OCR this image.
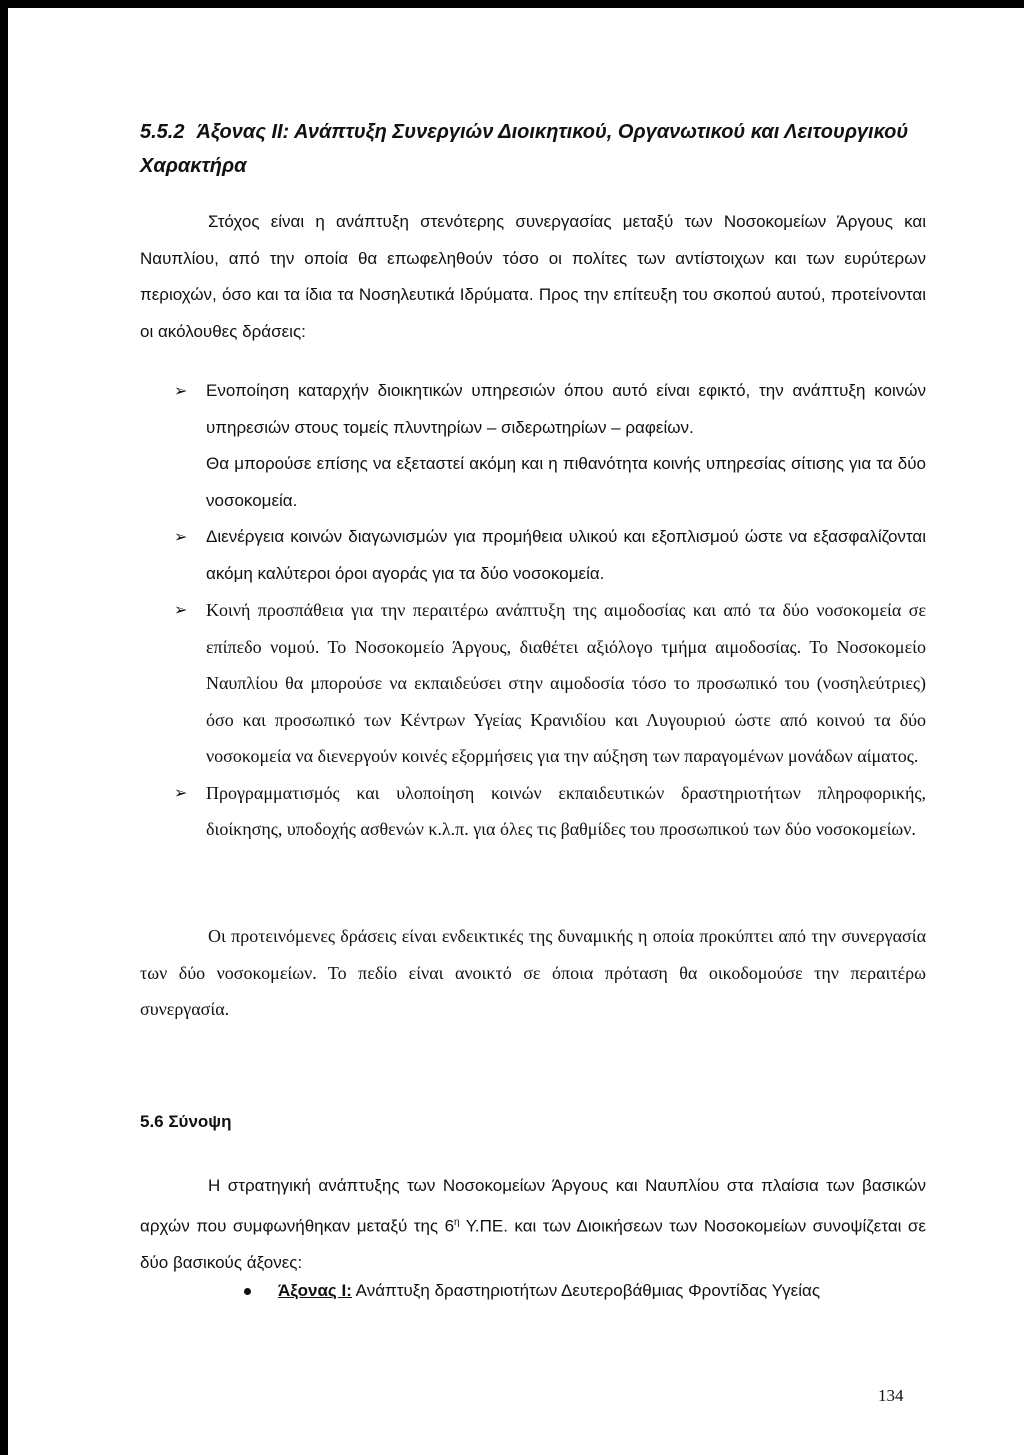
5.5.2 Άξονας ΙΙ: Ανάπτυξη Συνεργιών Διοικητικού, Οργανωτικού και Λειτουργικού Χαρακτήρα

Στόχος είναι η ανάπτυξη στενότερης συνεργασίας μεταξύ των Νοσοκομείων Άργους και Ναυπλίου, από την οποία θα επωφεληθούν τόσο οι πολίτες των αντίστοιχων και των ευρύτερων περιοχών, όσο και τα ίδια τα Νοσηλευτικά Ιδρύματα. Προς την επίτευξη του σκοπού αυτού, προτείνονται οι ακόλουθες δράσεις:

➢ Ενοποίηση καταρχήν διοικητικών υπηρεσιών όπου αυτό είναι εφικτό, την ανάπτυξη κοινών υπηρεσιών στους τομείς πλυντηρίων – σιδερωτηρίων – ραφείων.
Θα μπορούσε επίσης να εξεταστεί ακόμη και η πιθανότητα κοινής υπηρεσίας σίτισης για τα δύο νοσοκομεία.
➢ Διενέργεια κοινών διαγωνισμών για προμήθεια υλικού και εξοπλισμού ώστε να εξασφαλίζονται ακόμη καλύτεροι όροι αγοράς για τα δύο νοσοκομεία.
➢ Κοινή προσπάθεια για την περαιτέρω ανάπτυξη της αιμοδοσίας και από τα δύο νοσοκομεία σε επίπεδο νομού. Το Νοσοκομείο Άργους, διαθέτει αξιόλογο τμήμα αιμοδοσίας. Το Νοσοκομείο Ναυπλίου θα μπορούσε να εκπαιδεύσει στην αιμοδοσία τόσο το προσωπικό του (νοσηλεύτριες) όσο και προσωπικό των Κέντρων Υγείας Κρανιδίου και Λυγουριού ώστε από κοινού τα δύο νοσοκομεία να διενεργούν κοινές εξορμήσεις για την αύξηση των παραγομένων μονάδων αίματος.
➢ Προγραμματισμός και υλοποίηση κοινών εκπαιδευτικών δραστηριοτήτων πληροφορικής, διοίκησης, υποδοχής ασθενών κ.λ.π. για όλες τις βαθμίδες του προσωπικού των δύο νοσοκομείων.

Οι προτεινόμενες δράσεις είναι ενδεικτικές της δυναμικής η οποία προκύπτει από την συνεργασία των δύο νοσοκομείων. Το πεδίο είναι ανοικτό σε όποια πρόταση θα οικοδομούσε την περαιτέρω συνεργασία.

5.6 Σύνοψη

Η στρατηγική ανάπτυξης των Νοσοκομείων Άργους και Ναυπλίου στα πλαίσια των βασικών αρχών που συμφωνήθηκαν μεταξύ της $6^\eta$ Υ.ΠΕ. και των Διοικήσεων των Νοσοκομείων συνοψίζεται σε δύο βασικούς άξονες:

Άξονας Ι: Ανάπτυξη δραστηριοτήτων Δευτεροβάθμιας Φροντίδας Υγείας
134
